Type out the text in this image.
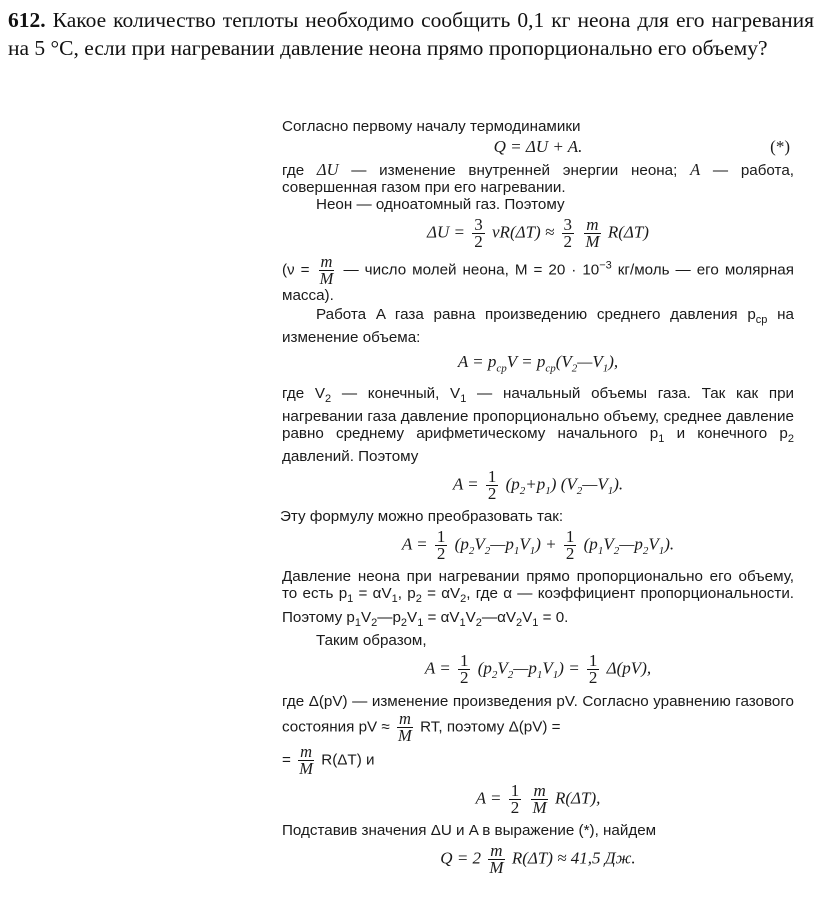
612. Какое количество теплоты необходимо сообщить 0,1 кг неона для его нагревания на 5 °C, если при нагревании давление неона прямо пропорционально его объему?

Согласно первому началу термодинамики

Q = ΔU + A.	(*)

где ΔU — изменение внутренней энергии неона; A — работа, совершенная газом при его нагревании.

Неон — одноатомный газ. Поэтому

$\Delta U = \frac{3}{2} \nu R(\Delta T) \approx \frac{3}{2}$
$\frac{m}{M} R(\Delta T)$

($\nu = \frac{m}{M}$ — число молей неона, $M = 20 \cdot 10^{-3}$ кг/моль — его молярная масса).

Работа A газа равна произведению среднего давления $p_{ср}$ на изменение объема:

$A = p_{ср}V$ = $p_{ср}(V_2—V_1)$,

где $V_2$ — конечный, $V_1$ — начальный объемы газа. Так как при нагревании газа давление пропорционально объему, среднее давление равно среднему арифметическому начального $p_1$ и конечного $p_2$ давлений. Поэтому

$A = \frac{1}{2} (p_2+p_1)$ $(V_2—V_1)$.

Эту формулу можно преобразовать так:

$A = \frac{1}{2}$ $(p_2V_2—p_1V_1) + \frac{1}{2}$ $(p_1V_2—p_2V_1)$.

Давление неона при нагревании прямо пропорционально его объему, то есть $p_1 = \alpha V_1$, $p_2 = \alpha V_2$, где α — коэффициент пропорциональности. Поэтому $p_1V_2—p_2V_1$ = $\alpha V_1V_2—\alpha V_2V_1 = 0$.

Таким образом,

$A = \frac{1}{2}$ $(p_2V_2—p_1V_1) = \frac{1}{2} \Delta(pV)$,

где Δ(pV) — изменение произведения pV. Согласно уравнению газового состояния pV ≈ $\frac{m}{M}$ RT, поэтому Δ(pV) =

= $\frac{m}{M} R(\Delta T)$ и

$A = \frac{1}{2}$
$\frac{m}{M} R(\Delta T)$,

Подставив значения ΔU и A в выражение (*), найдем

$Q = 2 \frac{m}{M} R(\Delta T) \approx 41,5$ Дж.
